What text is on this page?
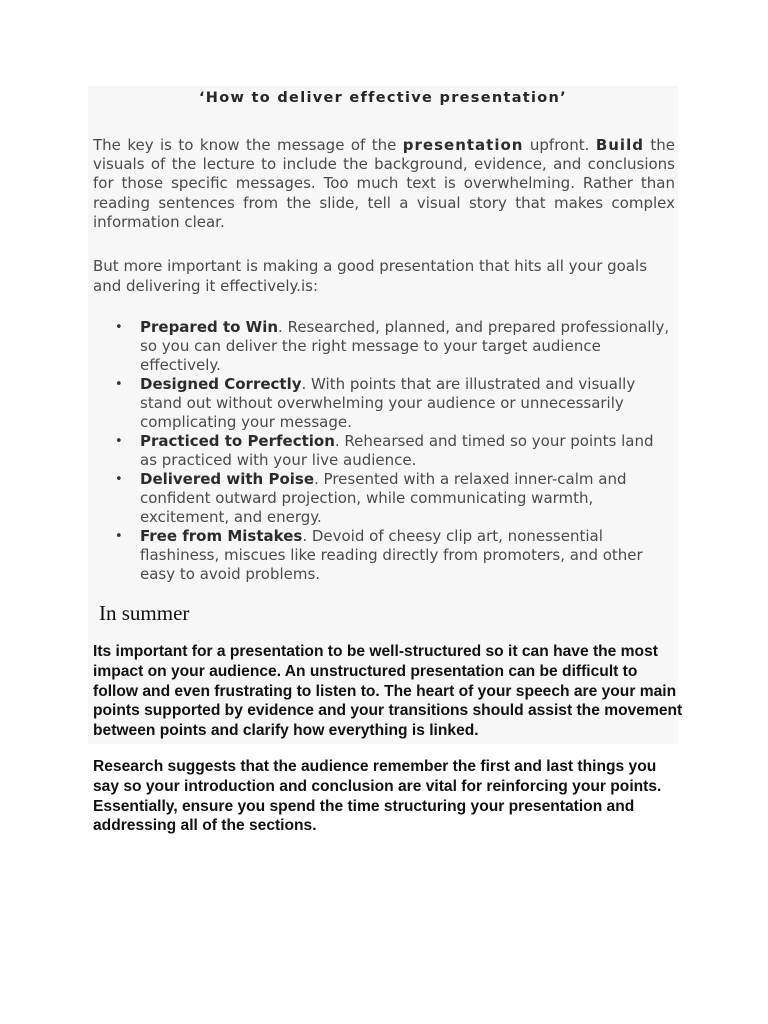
‘How to deliver effective presentation’

The key is to know the message of the presentation upfront. Build the visuals of the lecture to include the background, evidence, and conclusions for those specific messages. Too much text is overwhelming. Rather than reading sentences from the slide, tell a visual story that makes complex information clear.

But more important is making a good presentation that hits all your goals and delivering it effectively.is:

• Prepared to Win. Researched, planned, and prepared professionally, so you can deliver the right message to your target audience effectively.
• Designed Correctly. With points that are illustrated and visually stand out without overwhelming your audience or unnecessarily complicating your message.
• Practiced to Perfection. Rehearsed and timed so your points land as practiced with your live audience.
• Delivered with Poise. Presented with a relaxed inner-calm and confident outward projection, while communicating warmth, excitement, and energy.
• Free from Mistakes. Devoid of cheesy clip art, nonessential flashiness, miscues like reading directly from promoters, and other easy to avoid problems.
In summer

Its important for a presentation to be well-structured so it can have the most impact on your audience. An unstructured presentation can be difficult to follow and even frustrating to listen to. The heart of your speech are your main points supported by evidence and your transitions should assist the movement between points and clarify how everything is linked.

Research suggests that the audience remember the first and last things you say so your introduction and conclusion are vital for reinforcing your points. Essentially, ensure you spend the time structuring your presentation and addressing all of the sections.
